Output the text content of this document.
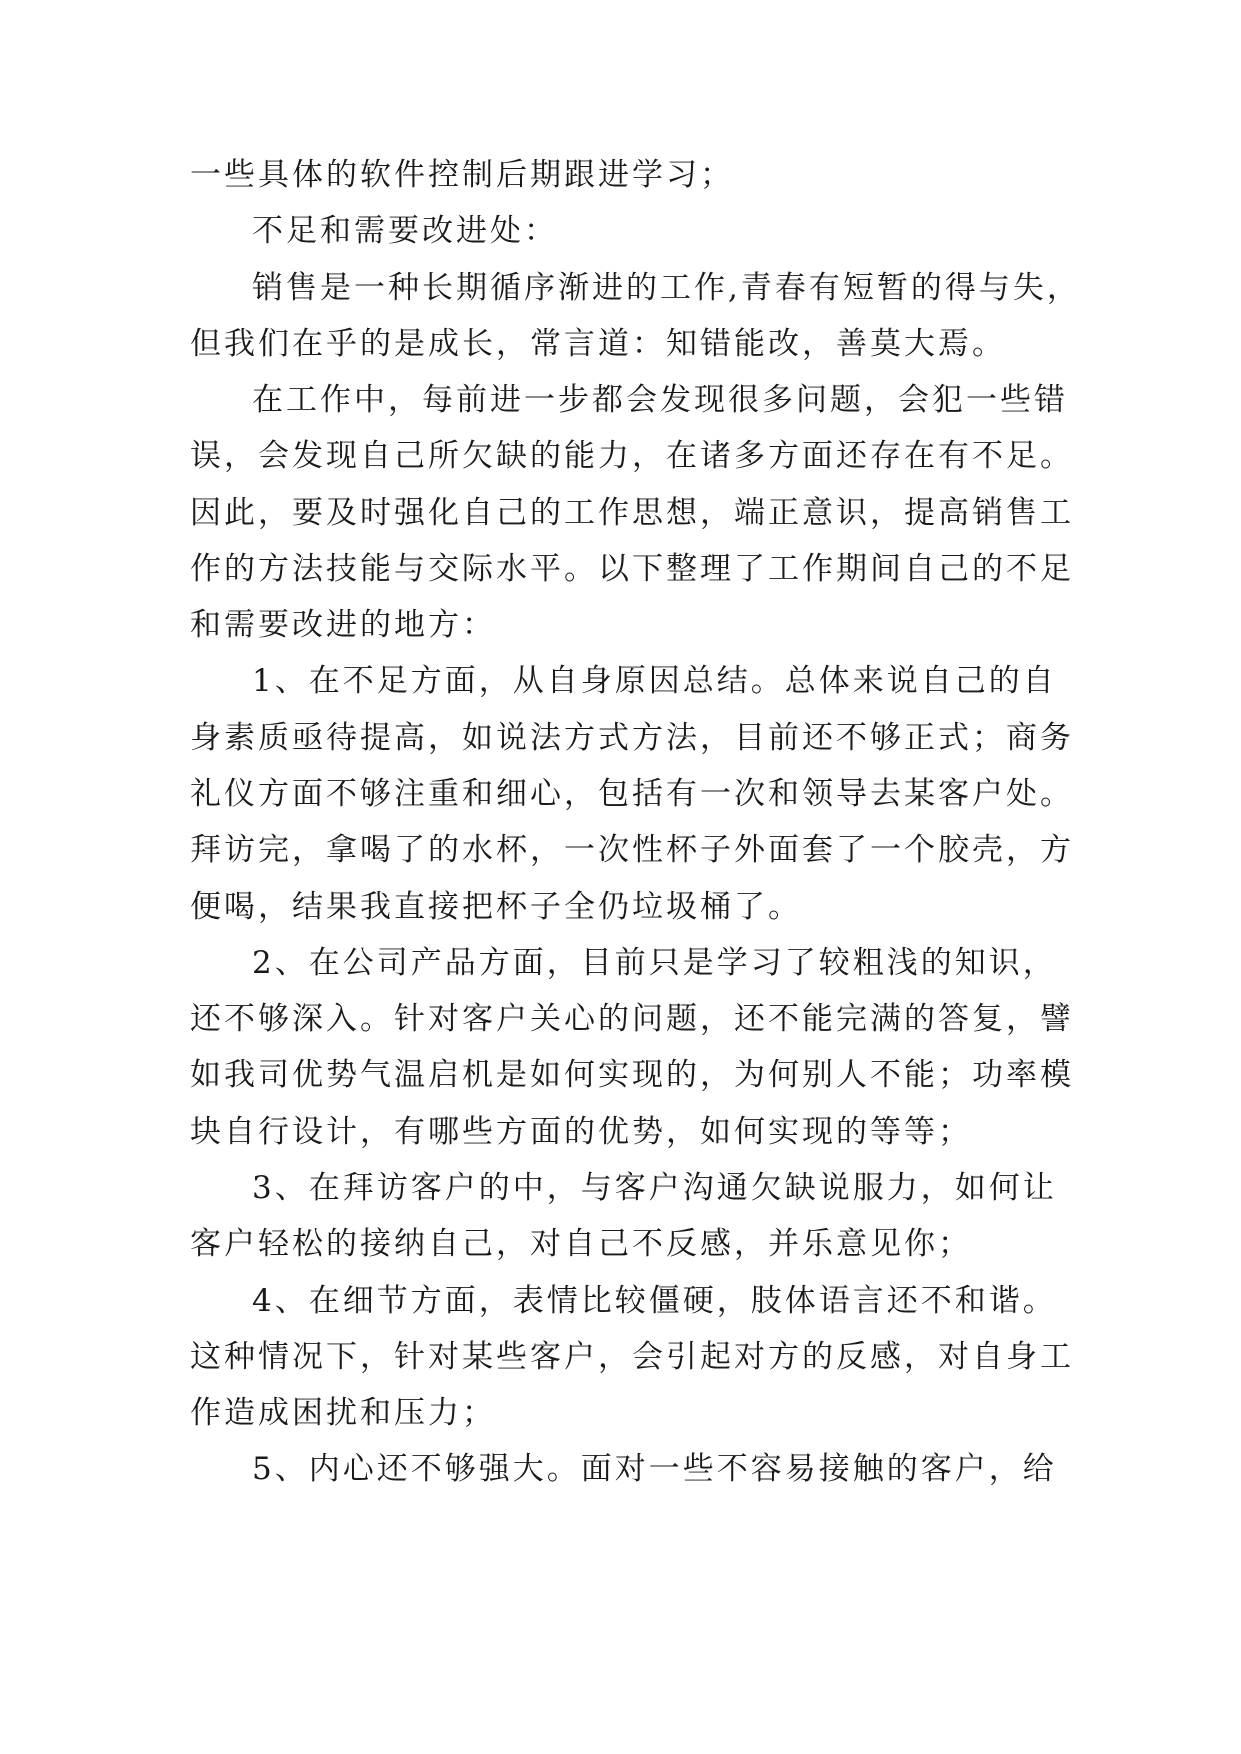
一些具体的软件控制后期跟进学习；
不足和需要改进处：
销售是一种长期循序渐进的工作,青春有短暂的得与失，
但我们在乎的是成长，常言道：知错能改，善莫大焉。
在工作中，每前进一步都会发现很多问题，会犯一些错
误，会发现自己所欠缺的能力，在诸多方面还存在有不足。
因此，要及时强化自己的工作思想，端正意识，提高销售工
作的方法技能与交际水平。以下整理了工作期间自己的不足
和需要改进的地方：
1、在不足方面，从自身原因总结。总体来说自己的自
身素质亟待提高，如说法方式方法，目前还不够正式；商务
礼仪方面不够注重和细心，包括有一次和领导去某客户处。
拜访完，拿喝了的水杯，一次性杯子外面套了一个胶壳，方
便喝，结果我直接把杯子全仍垃圾桶了。
2、在公司产品方面，目前只是学习了较粗浅的知识，
还不够深入。针对客户关心的问题，还不能完满的答复，譬
如我司优势气温启机是如何实现的，为何别人不能；功率模
块自行设计，有哪些方面的优势，如何实现的等等；
3、在拜访客户的中，与客户沟通欠缺说服力，如何让
客户轻松的接纳自己，对自己不反感，并乐意见你；
4、在细节方面，表情比较僵硬，肢体语言还不和谐。
这种情况下，针对某些客户，会引起对方的反感，对自身工
作造成困扰和压力；
5、内心还不够强大。面对一些不容易接触的客户，给
